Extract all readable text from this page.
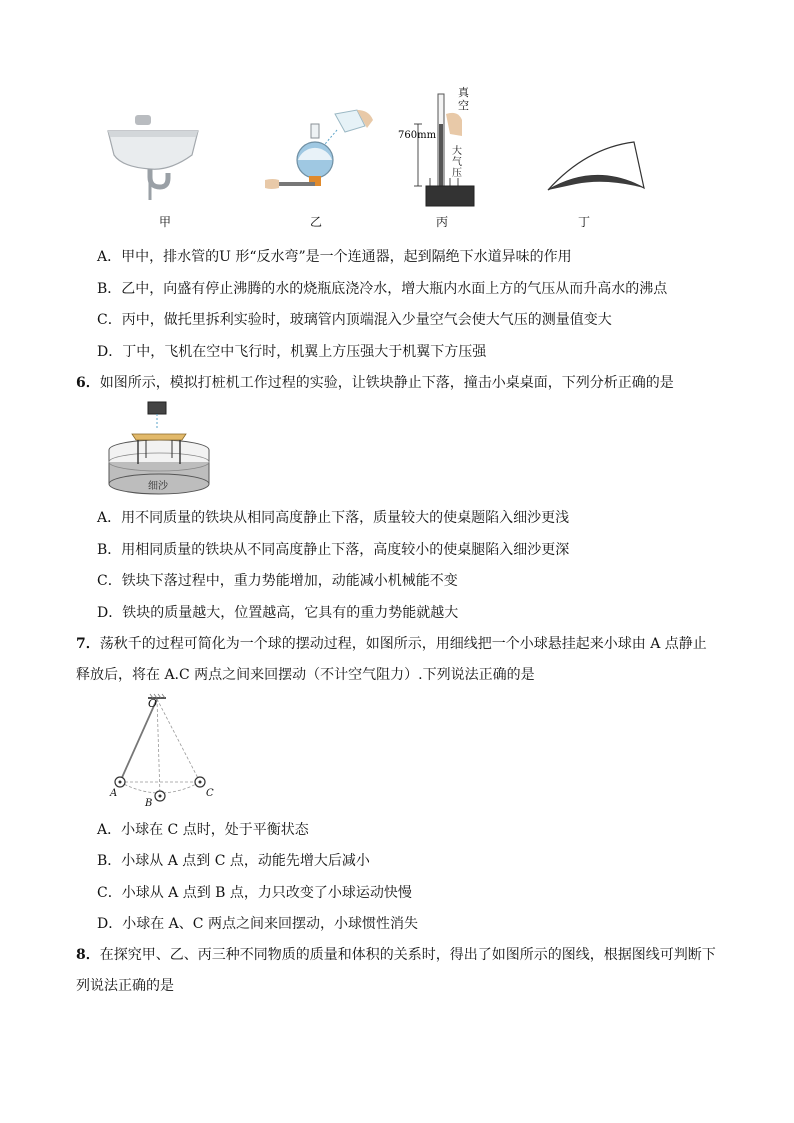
甲	乙
760mm
真
空
大
气
压
丙	丁
A．甲中，排水管的U 形“反水弯”是一个连通器，起到隔绝下水道异味的作用
B．乙中，向盛有停止沸腾的水的烧瓶底浇冷水，增大瓶内水面上方的气压从而升高水的沸点
C．丙中，做托里拆利实验时，玻璃管内顶端混入少量空气会使大气压的测量值变大
D．丁中，飞机在空中飞行时，机翼上方压强大于机翼下方压强
6．如图所示，模拟打桩机工作过程的实验，让铁块静止下落，撞击小桌桌面，下列分析正确的是
细沙
A．用不同质量的铁块从相同高度静止下落，质量较大的使桌题陷入细沙更浅
B．用相同质量的铁块从不同高度静止下落，高度较小的使桌腿陷入细沙更深
C．铁块下落过程中，重力势能增加，动能减小机械能不变
D．铁块的质量越大，位置越高，它具有的重力势能就越大
7．荡秋千的过程可简化为一个球的摆动过程，如图所示，用细线把一个小球悬挂起来小球由 A 点静止
释放后，将在 A.C 两点之间来回摆动（不计空气阻力）.下列说法正确的是
O
A
B
C
A．小球在 C 点时，处于平衡状态
B．小球从 A 点到 C 点，动能先增大后减小
C．小球从 A 点到 B 点，力只改变了小球运动快慢
D．小球在 A、C 两点之间来回摆动，小球惯性消失
8．在探究甲、乙、丙三种不同物质的质量和体积的关系时，得出了如图所示的图线，根据图线可判断下
列说法正确的是
